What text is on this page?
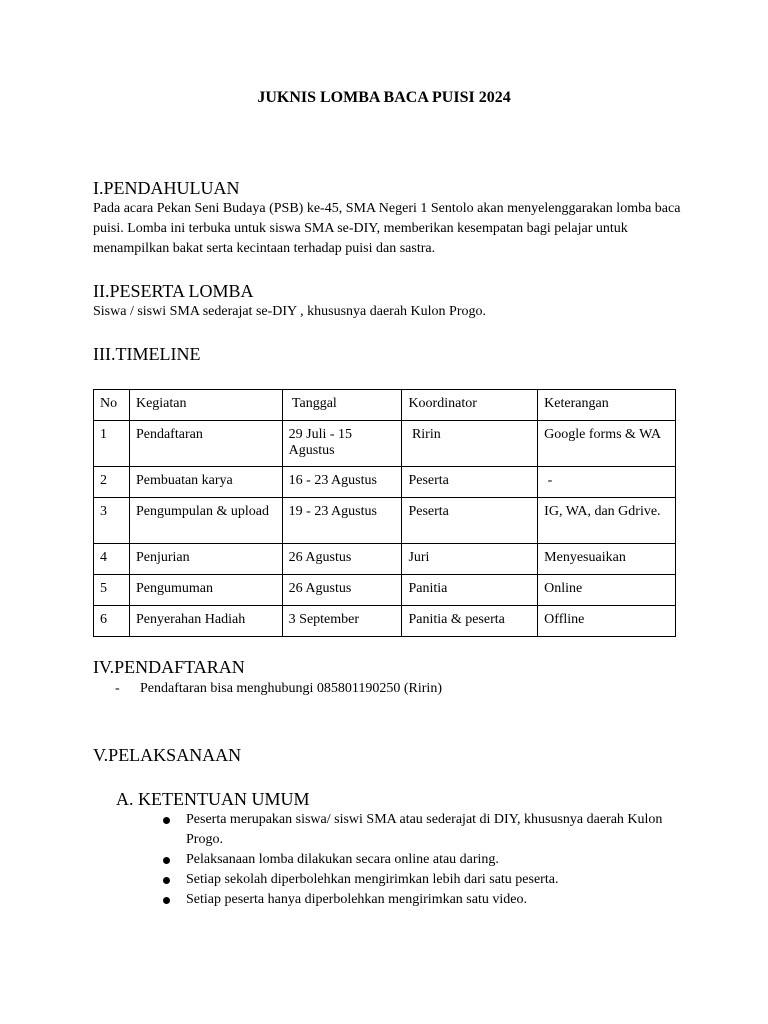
JUKNIS LOMBA BACA PUISI 2024
I.PENDAHULUAN
Pada acara Pekan Seni Budaya (PSB) ke-45, SMA Negeri 1 Sentolo akan menyelenggarakan lomba baca puisi. Lomba ini terbuka untuk siswa SMA se-DIY, memberikan kesempatan bagi pelajar untuk menampilkan bakat serta kecintaan terhadap puisi dan sastra.
II.PESERTA LOMBA
Siswa / siswi SMA sederajat se-DIY , khususnya daerah Kulon Progo.
III.TIMELINE
No	Kegiatan	Tanggal	Koordinator	Keterangan
1	Pendaftaran	29 Juli - 15 Agustus	Ririn	Google forms & WA
2	Pembuatan karya	16 - 23 Agustus	Peserta	-
3	Pengumpulan & upload	19 - 23 Agustus	Peserta	IG, WA, dan Gdrive.
4	Penjurian	26 Agustus	Juri	Menyesuaikan
5	Pengumuman	26 Agustus	Panitia	Online
6	Penyerahan Hadiah	3 September	Panitia & peserta	Offline
IV.PENDAFTARAN
- Pendaftaran bisa menghubungi 085801190250 (Ririn)
V.PELAKSANAAN
A. KETENTUAN UMUM
Peserta merupakan siswa/ siswi SMA atau sederajat di DIY, khususnya daerah Kulon Progo.
Pelaksanaan lomba dilakukan secara online atau daring.
Setiap sekolah diperbolehkan mengirimkan lebih dari satu peserta.
Setiap peserta hanya diperbolehkan mengirimkan satu video.
